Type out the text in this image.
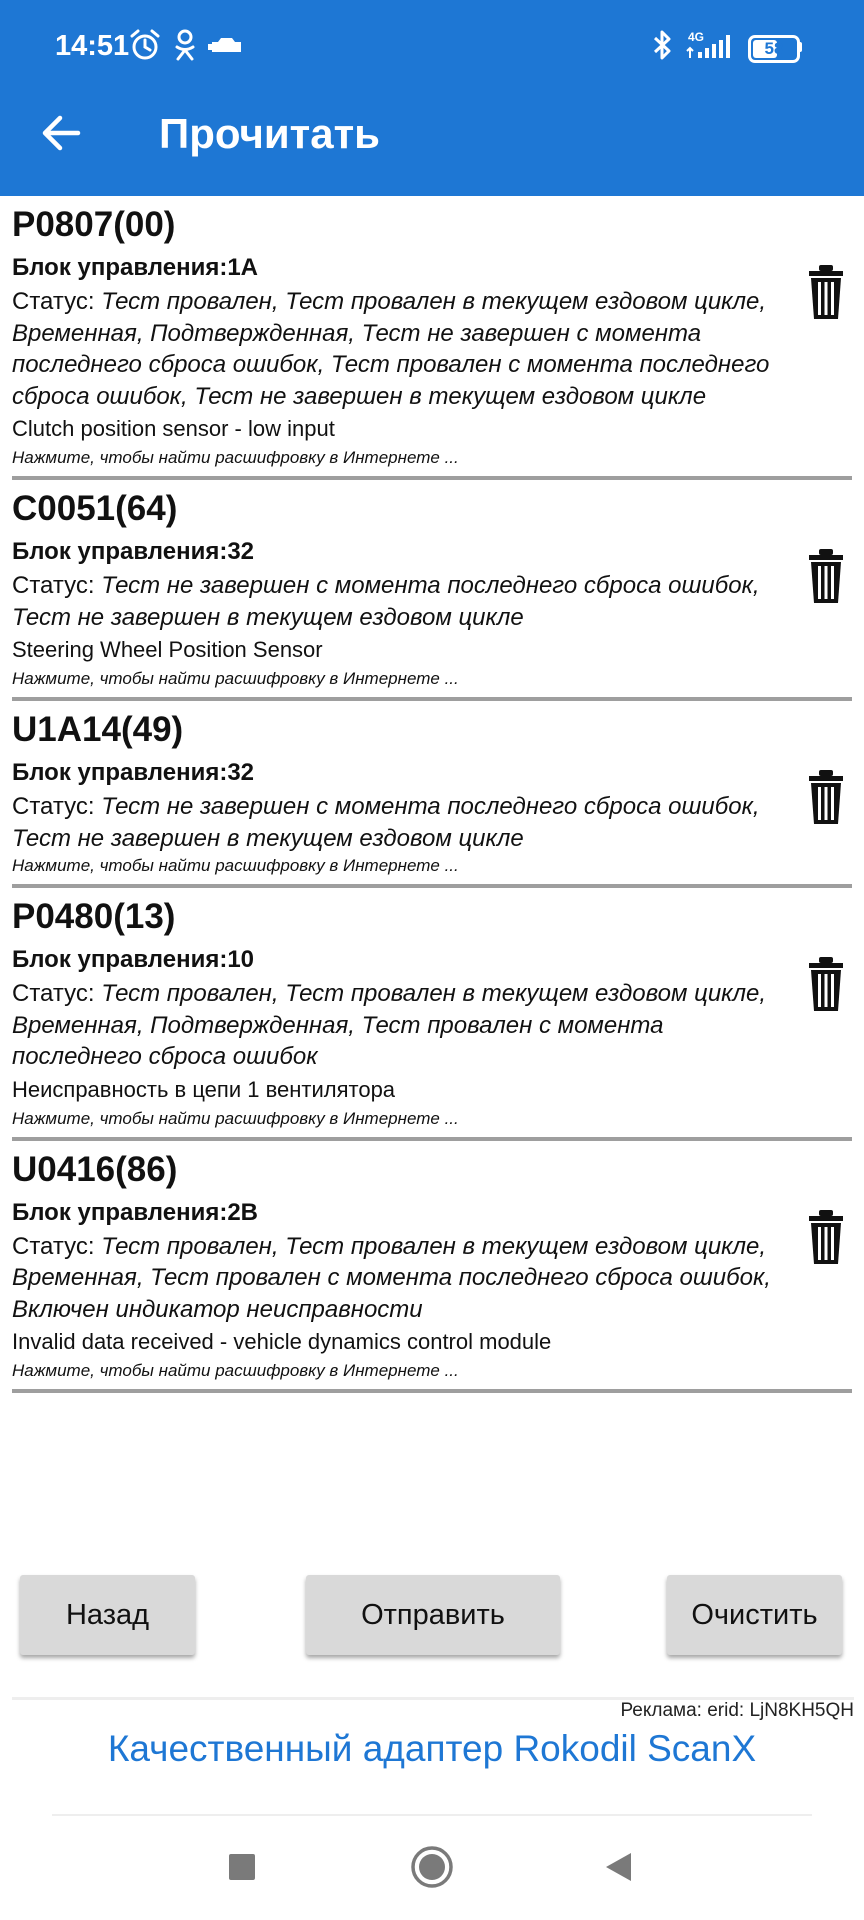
14:51	4G
58
Прочитать
P0807(00)
Блок управления:1A
Статус: Тест провален, Тест провален в текущем ездовом цикле, Временная, Подтвержденная, Тест не завершен с момента последнего сброса ошибок, Тест провален с момента последнего сброса ошибок, Тест не завершен в текущем ездовом цикле
Clutch position sensor - low input
Нажмите, чтобы найти расшифровку в Интернете ...
C0051(64)
Блок управления:32
Статус: Тест не завершен с момента последнего сброса ошибок, Тест не завершен в текущем ездовом цикле
Steering Wheel Position Sensor
Нажмите, чтобы найти расшифровку в Интернете ...
U1A14(49)
Блок управления:32
Статус: Тест не завершен с момента последнего сброса ошибок, Тест не завершен в текущем ездовом цикле
Нажмите, чтобы найти расшифровку в Интернете ...
P0480(13)
Блок управления:10
Статус: Тест провален, Тест провален в текущем ездовом цикле, Временная, Подтвержденная, Тест провален с момента последнего сброса ошибок
Неисправность в цепи 1 вентилятора
Нажмите, чтобы найти расшифровку в Интернете ...
U0416(86)
Блок управления:2B
Статус: Тест провален, Тест провален в текущем ездовом цикле, Временная, Тест провален с момента последнего сброса ошибок, Включен индикатор неисправности
Invalid data received - vehicle dynamics control module
Нажмите, чтобы найти расшифровку в Интернете ...
Назад	Отправить	Очистить
Реклама: erid: LjN8KH5QH
Качественный адаптер Rokodil ScanX
